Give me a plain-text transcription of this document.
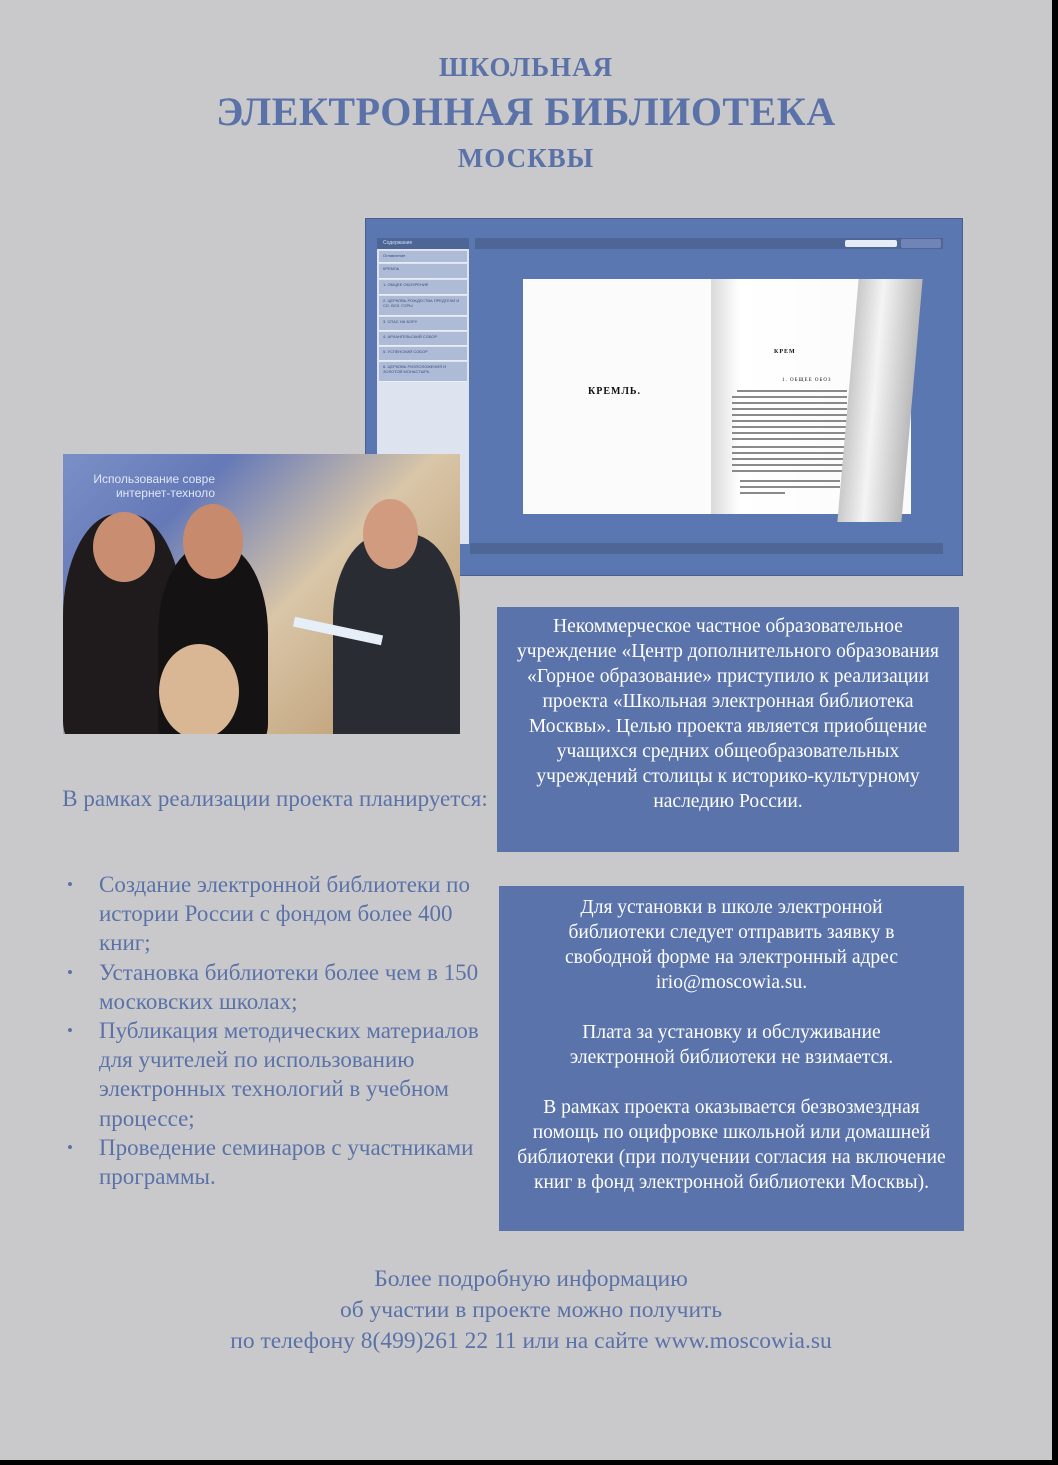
ШКОЛЬНАЯ
ЭЛЕКТРОННАЯ БИБЛИОТЕКА
МОСКВЫ
Содержание
Оглавление
КРЕМЛЬ
1. ОБЩЕЕ ОБОЗРЕНИЕ
2. ЦЕРКОВЬ РОЖДЕСТВА ПРЕДТЕЧИ И СО. ВОЗ. ГОРЫ
3. СПАС НА БОРУ
4. АРХАНГЕЛЬСКИЙ СОБОР
5. УСПЕНСКИЙ СОБОР
6. ЦЕРКОВЬ РИЗПОЛОЖЕНИЯ И ЗОЛОТОЙ МОНАСТЫРЬ
КРЕМЛЬ.
КРЕМ
1. ОБЩЕЕ ОБОЗ
Использование совре интернет-техноло

Некоммерческое частное образовательное учреждение «Центр дополнительного образования «Горное образование» приступило к реализации проекта «Школьная электронная библиотека Москвы». Целью проекта является приобщение учащихся средних общеобразовательных учреждений столицы к историко-культурному наследию России.

В рамках реализации проекта планируется:
• Создание электронной библиотеки по истории России с фондом более 400 книг;
• Установка библиотеки более чем в 150 московских школах;
• Публикация методических материалов для учителей по использованию электронных технологий в учебном процессе;
• Проведение семинаров с участниками программы.

Для установки в школе электронной библиотеки следует отправить заявку в свободной форме на электронный адрес irio@moscowia.su.

Плата за установку и обслуживание электронной библиотеки не взимается.

В рамках проекта оказывается безвозмездная помощь по оцифровке школьной или домашней библиотеки (при получении согласия на включение книг в фонд электронной библиотеки Москвы).

Более подробную информацию
об участии в проекте можно получить
по телефону 8(499)261 22 11 или на сайте www.moscowia.su
